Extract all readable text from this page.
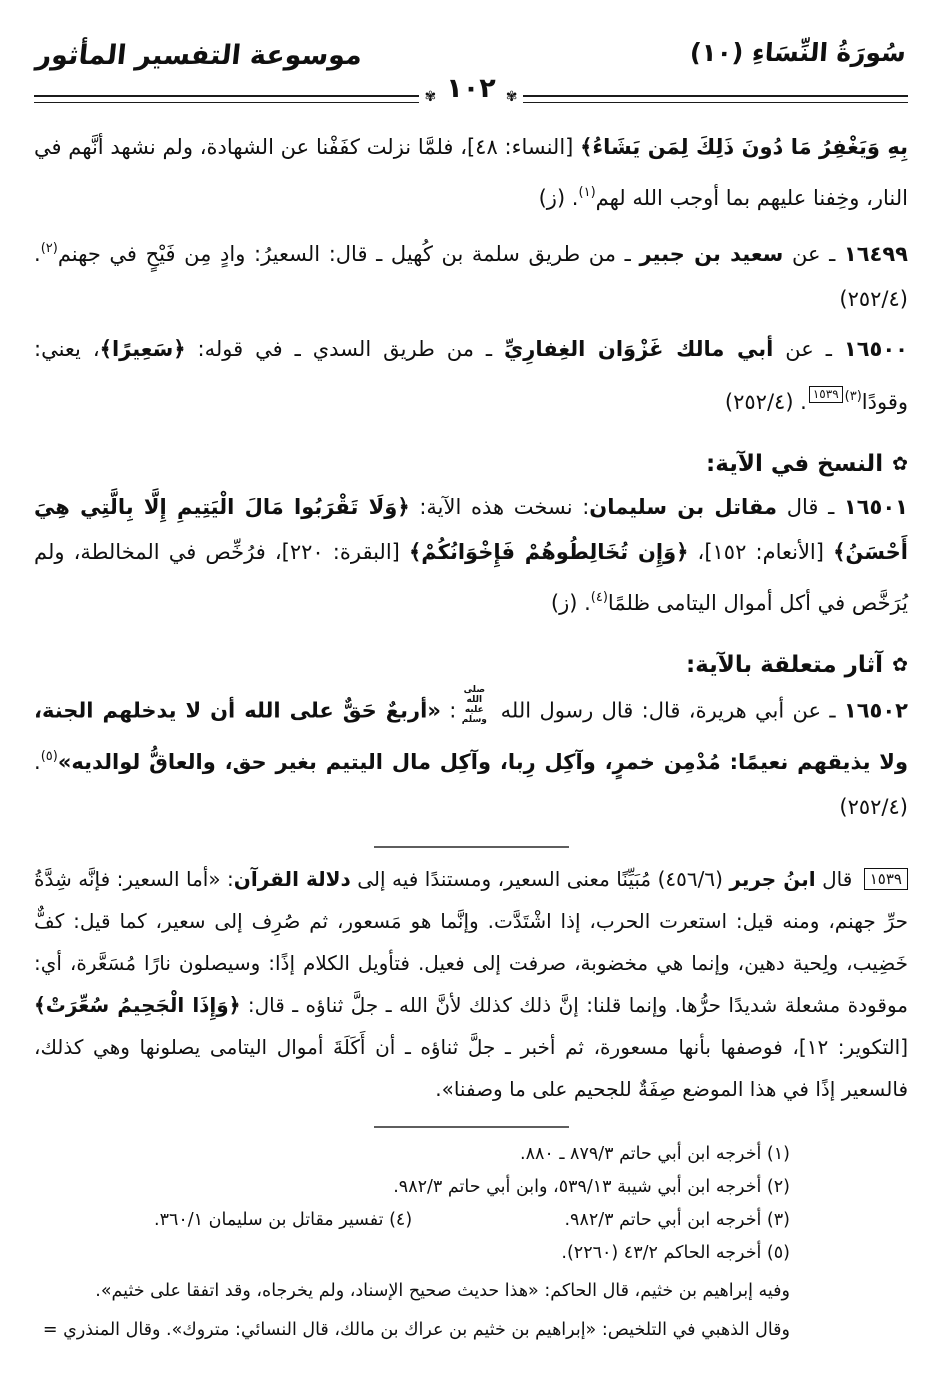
سُورَةُ النِّسَاءِ (١٠)
موسوعة التفسير المأثور
✾
١٠٢
✾

بِهِ وَيَغْفِرُ مَا دُونَ ذَلِكَ لِمَن يَشَاءُ﴾ [النساء: ٤٨]، فلمَّا نزلت كفَفْنا عن الشهادة، ولم نشهد أنَّهم في النار، وخِفنا عليهم بما أوجب الله لهم$^{(١)}$. (ز)

١٦٤٩٩ ـ عن سعيد بن جبير ـ من طريق سلمة بن كُهيل ـ قال: السعيرُ: وادٍ مِن فَيْحٍ في جهنم$^{(٢)}$. (٢٥٢/٤)

١٦٥٠٠ ـ عن أبي مالك غَزْوَان الغِفارِيِّ ـ من طريق السدي ـ في قوله: ﴿سَعِيرًا﴾، يعني: وقودًا$^{(٣)١٥٣٩}$. (٢٥٢/٤)

✿
النسخ في الآية:

١٦٥٠١ ـ قال مقاتل بن سليمان: نسخت هذه الآية: ﴿وَلَا تَقْرَبُوا مَالَ الْيَتِيمِ إِلَّا بِالَّتِي هِيَ أَحْسَنُ﴾ [الأنعام: ١٥٢]، ﴿وَإِن تُخَالِطُوهُمْ فَإِخْوَانُكُمْ﴾ [البقرة: ٢٢٠]، فرُخِّص في المخالطة، ولم يُرَخَّص في أكل أموال اليتامى ظلمًا$^{(٤)}$. (ز)

✿
آثار متعلقة بالآية:

١٦٥٠٢ ـ عن أبي هريرة، قال: قال رسول الله صلى الله عليه وسلم: «أربعٌ حَقٌّ على الله أن لا يدخلهم الجنة، ولا يذيقهم نعيمًا: مُدْمِن خمرٍ، وآكِل رِبا، وآكِل مال اليتيم بغير حق، والعاقُّ لوالديه»$^{(٥)}$. (٢٥٢/٤)

١٥٣٩ قال ابنُ جرير (٤٥٦/٦) مُبَيِّنًا معنى السعير، ومستندًا فيه إلى دلالة القرآن: «أما السعير: فإنَّه شِدَّةُ حرِّ جهنم، ومنه قيل: استعرت الحرب، إذا اشْتَدَّت. وإنَّما هو مَسعور، ثم صُرِف إلى سعير، كما قيل: كفٌّ خَضِيب، ولِحية دهين، وإنما هي مخضوبة، صرفت إلى فعيل. فتأويل الكلام إذًا: وسيصلون نارًا مُسَعَّرة، أي: موقودة مشعلة شديدًا حرُّها. وإنما قلنا: إنَّ ذلك كذلك لأنَّ الله ـ جلَّ ثناؤه ـ قال: ﴿وَإِذَا الْجَحِيمُ سُعِّرَتْ﴾ [التكوير: ١٢]، فوصفها بأنها مسعورة، ثم أخبر ـ جلَّ ثناؤه ـ أن أَكَلَةَ أموال اليتامى يصلونها وهي كذلك، فالسعير إذًا في هذا الموضع صِفَةٌ للجحيم على ما وصفنا».

(١) أخرجه ابن أبي حاتم ٨٧٩/٣ ـ ٨٨٠.

(٢) أخرجه ابن أبي شيبة ٥٣٩/١٣، وابن أبي حاتم ٩٨٢/٣.

(٣) أخرجه ابن أبي حاتم ٩٨٢/٣.

(٤) تفسير مقاتل بن سليمان ٣٦٠/١.

(٥) أخرجه الحاكم ٤٣/٢ (٢٢٦٠).

وفيه إبراهيم بن خثيم، قال الحاكم: «هذا حديث صحيح الإسناد، ولم يخرجاه، وقد اتفقا على خثيم».

وقال الذهبي في التلخيص: «إبراهيم بن خثيم بن عراك بن مالك، قال النسائي: متروك». وقال المنذري =
